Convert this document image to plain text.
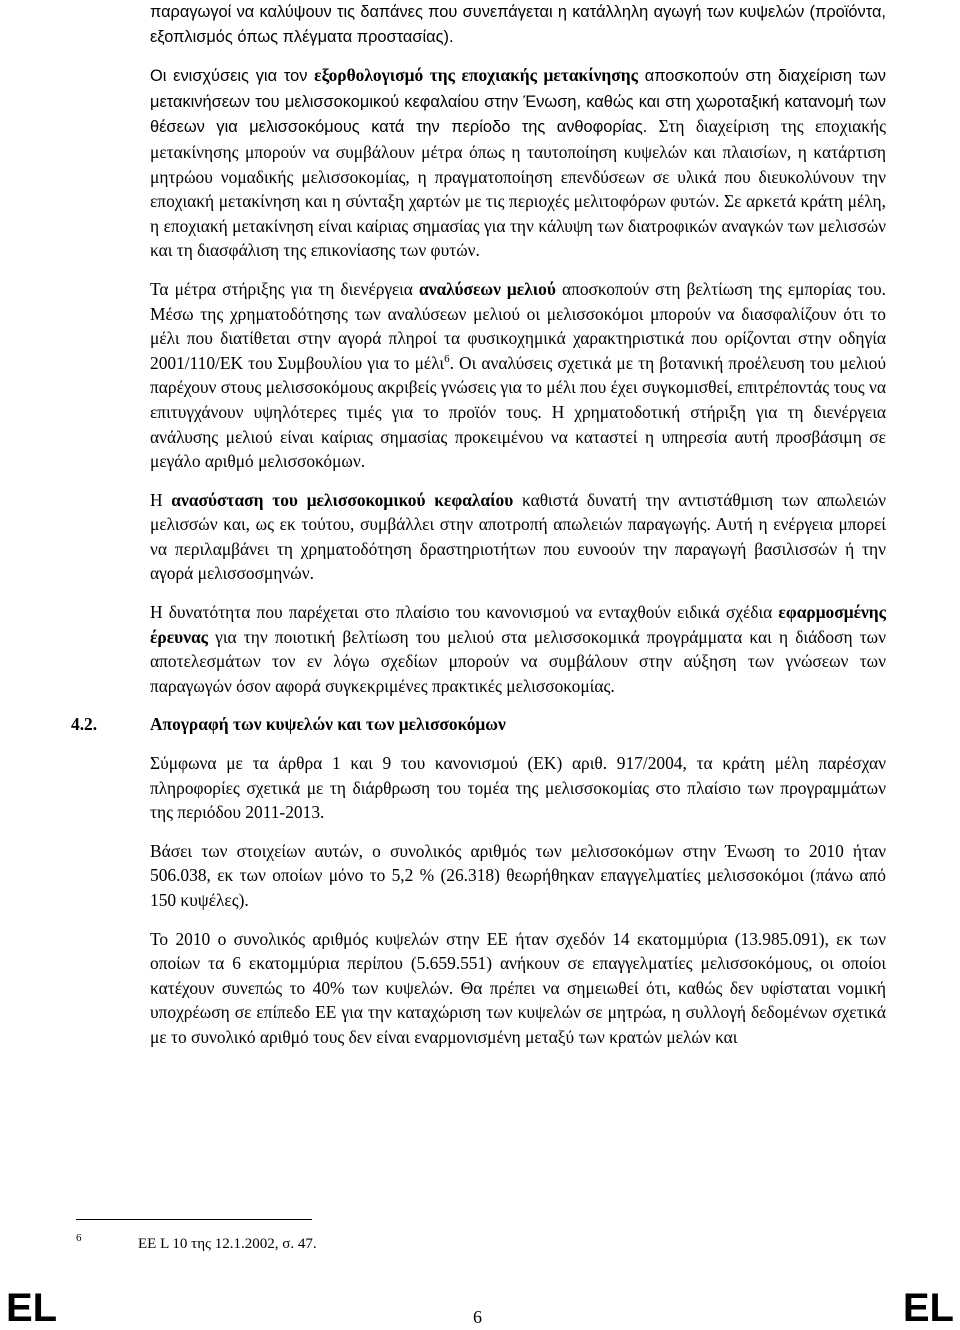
παραγωγοί να καλύψουν τις δαπάνες που συνεπάγεται η κατάλληλη αγωγή των κυψελών (προϊόντα, εξοπλισμός όπως πλέγματα προστασίας).

Οι ενισχύσεις για τον εξορθολογισμό της εποχιακής μετακίνησης αποσκοπούν στη διαχείριση των μετακινήσεων του μελισσοκομικού κεφαλαίου στην Ένωση, καθώς και στη χωροταξική κατανομή των θέσεων για μελισσοκόμους κατά την περίοδο της ανθοφορίας. Στη διαχείριση της εποχιακής μετακίνησης μπορούν να συμβάλουν μέτρα όπως η ταυτοποίηση κυψελών και πλαισίων, η κατάρτιση μητρώου νομαδικής μελισσοκομίας, η πραγματοποίηση επενδύσεων σε υλικά που διευκολύνουν την εποχιακή μετακίνηση και η σύνταξη χαρτών με τις περιοχές μελιτοφόρων φυτών. Σε αρκετά κράτη μέλη, η εποχιακή μετακίνηση είναι καίριας σημασίας για την κάλυψη των διατροφικών αναγκών των μελισσών και τη διασφάλιση της επικονίασης των φυτών.

Τα μέτρα στήριξης για τη διενέργεια αναλύσεων μελιού αποσκοπούν στη βελτίωση της εμπορίας του. Μέσω της χρηματοδότησης των αναλύσεων μελιού οι μελισσοκόμοι μπορούν να διασφαλίζουν ότι το μέλι που διατίθεται στην αγορά πληροί τα φυσικοχημικά χαρακτηριστικά που ορίζονται στην οδηγία 2001/110/ΕΚ του Συμβουλίου για το μέλι$^6$. Οι αναλύσεις σχετικά με τη βοτανική προέλευση του μελιού παρέχουν στους μελισσοκόμους ακριβείς γνώσεις για το μέλι που έχει συγκομισθεί, επιτρέποντάς τους να επιτυγχάνουν υψηλότερες τιμές για το προϊόν τους. Η χρηματοδοτική στήριξη για τη διενέργεια ανάλυσης μελιού είναι καίριας σημασίας προκειμένου να καταστεί η υπηρεσία αυτή προσβάσιμη σε μεγάλο αριθμό μελισσοκόμων.

Η ανασύσταση του μελισσοκομικού κεφαλαίου καθιστά δυνατή την αντιστάθμιση των απωλειών μελισσών και, ως εκ τούτου, συμβάλλει στην αποτροπή απωλειών παραγωγής. Αυτή η ενέργεια μπορεί να περιλαμβάνει τη χρηματοδότηση δραστηριοτήτων που ευνοούν την παραγωγή βασιλισσών ή την αγορά μελισσοσμηνών.

Η δυνατότητα που παρέχεται στο πλαίσιο του κανονισμού να ενταχθούν ειδικά σχέδια εφαρμοσμένης έρευνας για την ποιοτική βελτίωση του μελιού στα μελισσοκομικά προγράμματα και η διάδοση των αποτελεσμάτων τον εν λόγω σχεδίων μπορούν να συμβάλουν στην αύξηση των γνώσεων των παραγωγών όσον αφορά συγκεκριμένες πρακτικές μελισσοκομίας.

4.2.	Απογραφή των κυψελών και των μελισσοκόμων

Σύμφωνα με τα άρθρα 1 και 9 του κανονισμού (ΕΚ) αριθ. 917/2004, τα κράτη μέλη παρέσχαν πληροφορίες σχετικά με τη διάρθρωση του τομέα της μελισσοκομίας στο πλαίσιο των προγραμμάτων της περιόδου 2011-2013.

Βάσει των στοιχείων αυτών, ο συνολικός αριθμός των μελισσοκόμων στην Ένωση το 2010 ήταν 506.038, εκ των οποίων μόνο το 5,2 % (26.318) θεωρήθηκαν επαγγελματίες μελισσοκόμοι (πάνω από 150 κυψέλες).

Το 2010 ο συνολικός αριθμός κυψελών στην ΕΕ ήταν σχεδόν 14 εκατομμύρια (13.985.091), εκ των οποίων τα 6 εκατομμύρια περίπου (5.659.551) ανήκουν σε επαγγελματίες μελισσοκόμους, οι οποίοι κατέχουν συνεπώς το 40% των κυψελών. Θα πρέπει να σημειωθεί ότι, καθώς δεν υφίσταται νομική υποχρέωση σε επίπεδο ΕΕ για την καταχώριση των κυψελών σε μητρώα, η συλλογή δεδομένων σχετικά με το συνολικό αριθμό τους δεν είναι εναρμονισμένη μεταξύ των κρατών μελών και

6	ΕΕ L 10 της 12.1.2002, σ. 47.
EL	6	EL
